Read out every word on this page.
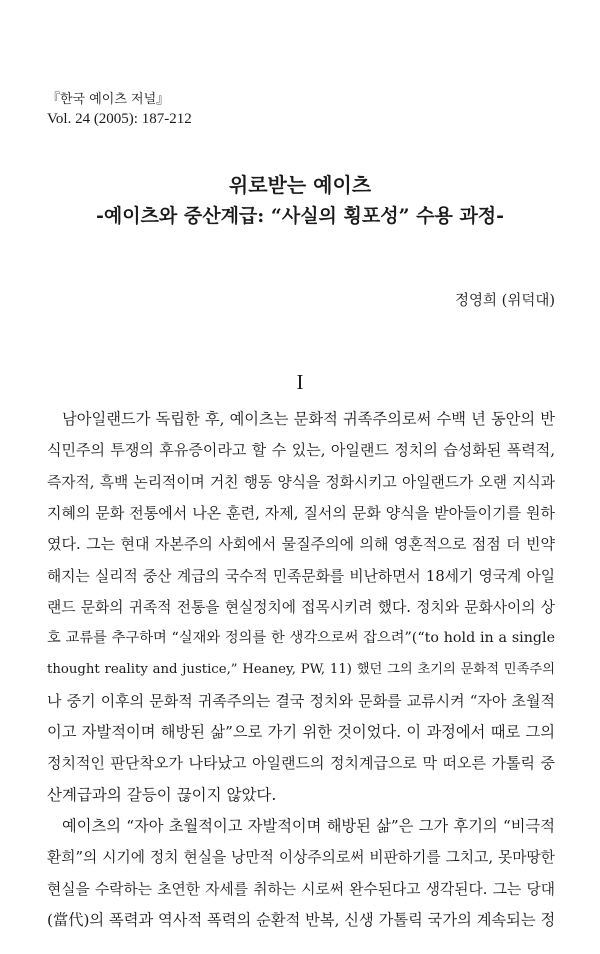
『한국 예이츠 저널』
Vol. 24 (2005): 187-212
위로받는 예이츠
-예이츠와 중산계급: “사실의 횡포성” 수용 과정-
정영희 (위덕대)
I
남아일랜드가 독립한 후, 예이츠는 문화적 귀족주의로써 수백 년 동안의 반
식민주의 투쟁의 후유증이라고 할 수 있는, 아일랜드 정치의 습성화된 폭력적,
즉자적, 흑백 논리적이며 거친 행동 양식을 정화시키고 아일랜드가 오랜 지식과
지혜의 문화 전통에서 나온 훈련, 자제, 질서의 문화 양식을 받아들이기를 원하
였다. 그는 현대 자본주의 사회에서 물질주의에 의해 영혼적으로 점점 더 빈약
해지는 실리적 중산 계급의 국수적 민족문화를 비난하면서 18세기 영국계 아일
랜드 문화의 귀족적 전통을 현실정치에 접목시키려 했다. 정치와 문화사이의 상
호 교류를 추구하며 “실재와 정의를 한 생각으로써 잡으려”(“to hold in a single
thought reality and justice,” Heaney, PW, 11) 했던 그의 초기의 문화적 민족주의
나 중기 이후의 문화적 귀족주의는 결국 정치와 문화를 교류시켜 “자아 초월적
이고 자발적이며 해방된 삶”으로 가기 위한 것이었다. 이 과정에서 때로 그의
정치적인 판단착오가 나타났고 아일랜드의 정치계급으로 막 떠오른 가톨릭 중
산계급과의 갈등이 끊이지 않았다.
예이츠의 “자아 초월적이고 자발적이며 해방된 삶”은 그가 후기의 “비극적
환희”의 시기에 정치 현실을 낭만적 이상주의로써 비판하기를 그치고, 못마땅한
현실을 수락하는 초연한 자세를 취하는 시로써 완수된다고 생각된다. 그는 당대
(當代)의 폭력과 역사적 폭력의 순환적 반복, 신생 가톨릭 국가의 계속되는 정
